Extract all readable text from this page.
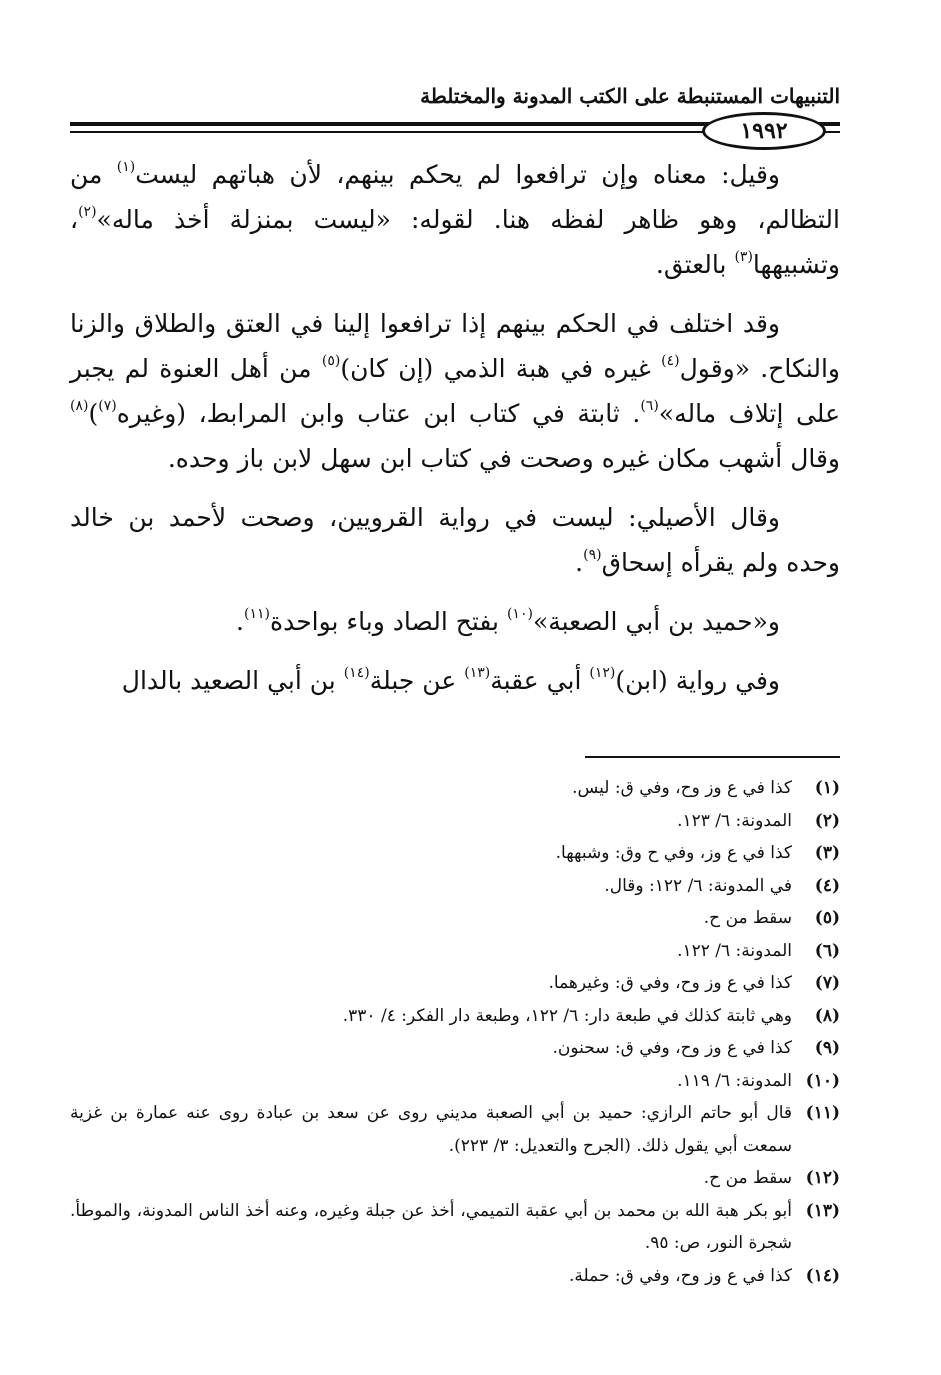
التنبيهات المستنبطة على الكتب المدونة والمختلطة
١٩٩٢

وقيل: معناه وإن ترافعوا لم يحكم بينهم، لأن هباتهم ليست$^{(١)}$ من التظالم، وهو ظاهر لفظه هنا. لقوله: «ليست بمنزلة أخذ ماله»$^{(٢)}$، وتشبيهها$^{(٣)}$ بالعتق.

وقد اختلف في الحكم بينهم إذا ترافعوا إلينا في العتق والطلاق والزنا والنكاح. «وقول$^{(٤)}$ غيره في هبة الذمي (إن كان)$^{(٥)}$ من أهل العنوة لم يجبر على إتلاف ماله»$^{(٦)}$. ثابتة في كتاب ابن عتاب وابن المرابط، (وغيره$^{(٧)}$)$^{(٨)}$ وقال أشهب مكان غيره وصحت في كتاب ابن سهل لابن باز وحده.

وقال الأصيلي: ليست في رواية القرويين، وصحت لأحمد بن خالد وحده ولم يقرأه إسحاق$^{(٩)}$.

و«حميد بن أبي الصعبة»$^{(١٠)}$ بفتح الصاد وباء بواحدة$^{(١١)}$.

وفي رواية (ابن)$^{(١٢)}$ أبي عقبة$^{(١٣)}$ عن جبلة$^{(١٤)}$ بن أبي الصعيد بالدال

(١)
كذا في ع وز وح، وفي ق: ليس.
(٢)
المدونة: ٦/ ١٢٣.
(٣)
كذا في ع وز، وفي ح وق: وشبهها.
(٤)
في المدونة: ٦/ ١٢٢: وقال.
(٥)
سقط من ح.
(٦)
المدونة: ٦/ ١٢٢.
(٧)
كذا في ع وز وح، وفي ق: وغيرهما.
(٨)
وهي ثابتة كذلك في طبعة دار: ٦/ ١٢٢، وطبعة دار الفكر: ٤/ ٣٣٠.
(٩)
كذا في ع وز وح، وفي ق: سحنون.
(١٠)
المدونة: ٦/ ١١٩.
(١١)
قال أبو حاتم الرازي: حميد بن أبي الصعبة مديني روى عن سعد بن عبادة روى عنه عمارة بن غزية سمعت أبي يقول ذلك. (الجرح والتعديل: ٣/ ٢٢٣).
(١٢)
سقط من ح.
(١٣)
أبو بكر هبة الله بن محمد بن أبي عقبة التميمي، أخذ عن جبلة وغيره، وعنه أخذ الناس المدونة، والموطأ. شجرة النور، ص: ٩٥.
(١٤)
كذا في ع وز وح، وفي ق: حملة.
